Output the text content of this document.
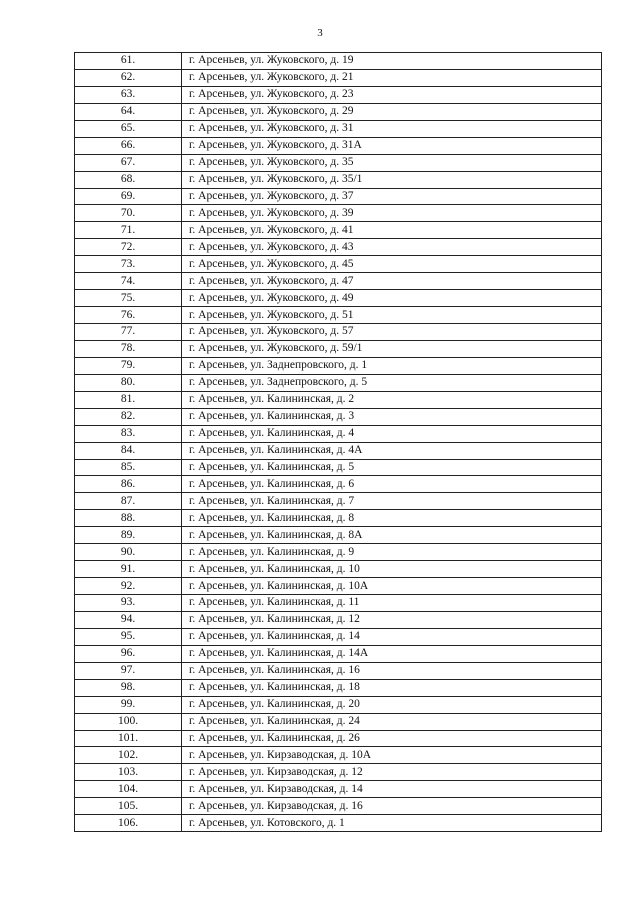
3
61.	г. Арсеньев, ул. Жуковского, д. 19
62.	г. Арсеньев, ул. Жуковского, д. 21
63.	г. Арсеньев, ул. Жуковского, д. 23
64.	г. Арсеньев, ул. Жуковского, д. 29
65.	г. Арсеньев, ул. Жуковского, д. 31
66.	г. Арсеньев, ул. Жуковского, д. 31А
67.	г. Арсеньев, ул. Жуковского, д. 35
68.	г. Арсеньев, ул. Жуковского, д. 35/1
69.	г. Арсеньев, ул. Жуковского, д. 37
70.	г. Арсеньев, ул. Жуковского, д. 39
71.	г. Арсеньев, ул. Жуковского, д. 41
72.	г. Арсеньев, ул. Жуковского, д. 43
73.	г. Арсеньев, ул. Жуковского, д. 45
74.	г. Арсеньев, ул. Жуковского, д. 47
75.	г. Арсеньев, ул. Жуковского, д. 49
76.	г. Арсеньев, ул. Жуковского, д. 51
77.	г. Арсеньев, ул. Жуковского, д. 57
78.	г. Арсеньев, ул. Жуковского, д. 59/1
79.	г. Арсеньев, ул. Заднепровского, д. 1
80.	г. Арсеньев, ул. Заднепровского, д. 5
81.	г. Арсеньев, ул. Калининская, д. 2
82.	г. Арсеньев, ул. Калининская, д. 3
83.	г. Арсеньев, ул. Калининская, д. 4
84.	г. Арсеньев, ул. Калининская, д. 4А
85.	г. Арсеньев, ул. Калининская, д. 5
86.	г. Арсеньев, ул. Калининская, д. 6
87.	г. Арсеньев, ул. Калининская, д. 7
88.	г. Арсеньев, ул. Калининская, д. 8
89.	г. Арсеньев, ул. Калининская, д. 8А
90.	г. Арсеньев, ул. Калининская, д. 9
91.	г. Арсеньев, ул. Калининская, д. 10
92.	г. Арсеньев, ул. Калининская, д. 10А
93.	г. Арсеньев, ул. Калининская, д. 11
94.	г. Арсеньев, ул. Калининская, д. 12
95.	г. Арсеньев, ул. Калининская, д. 14
96.	г. Арсеньев, ул. Калининская, д. 14А
97.	г. Арсеньев, ул. Калининская, д. 16
98.	г. Арсеньев, ул. Калининская, д. 18
99.	г. Арсеньев, ул. Калининская, д. 20
100.	г. Арсеньев, ул. Калининская, д. 24
101.	г. Арсеньев, ул. Калининская, д. 26
102.	г. Арсеньев, ул. Кирзаводская, д. 10А
103.	г. Арсеньев, ул. Кирзаводская, д. 12
104.	г. Арсеньев, ул. Кирзаводская, д. 14
105.	г. Арсеньев, ул. Кирзаводская, д. 16
106.	г. Арсеньев, ул. Котовского, д. 1
